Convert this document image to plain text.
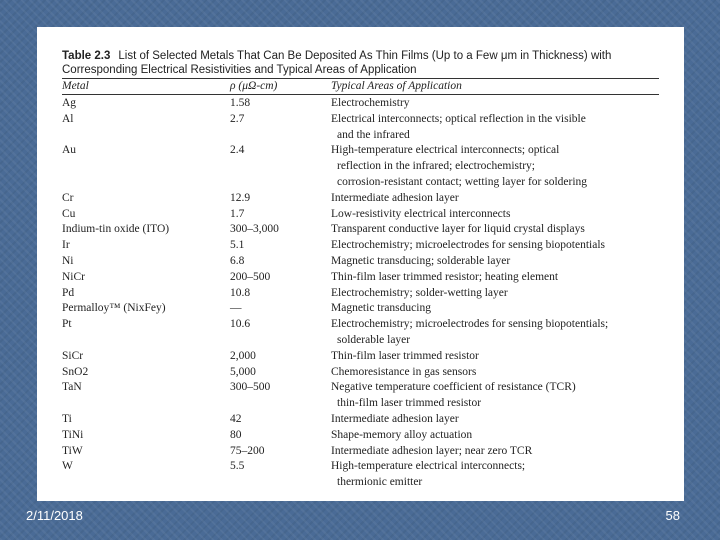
Table 2.3 List of Selected Metals That Can Be Deposited As Thin Films (Up to a Few μm in Thickness) with
Corresponding Electrical Resistivities and Typical Areas of Application
Metal	ρ (μΩ-cm)	Typical Areas of Application
Ag	1.58	Electrochemistry
Al	2.7	Electrical interconnects; optical reflection in the visible
and the infrared
Au	2.4	High-temperature electrical interconnects; optical
reflection in the infrared; electrochemistry;
corrosion-resistant contact; wetting layer for soldering
Cr	12.9	Intermediate adhesion layer
Cu	1.7	Low-resistivity electrical interconnects
Indium-tin oxide (ITO)	300–3,000	Transparent conductive layer for liquid crystal displays
Ir	5.1	Electrochemistry; microelectrodes for sensing biopotentials
Ni	6.8	Magnetic transducing; solderable layer
NiCr	200–500	Thin-film laser trimmed resistor; heating element
Pd	10.8	Electrochemistry; solder-wetting layer
Permalloy™ (NixFey)	—	Magnetic transducing
Pt	10.6	Electrochemistry; microelectrodes for sensing biopotentials;
solderable layer
SiCr	2,000	Thin-film laser trimmed resistor
SnO2	5,000	Chemoresistance in gas sensors
TaN	300–500	Negative temperature coefficient of resistance (TCR)
thin-film laser trimmed resistor
Ti	42	Intermediate adhesion layer
TiNi	80	Shape-memory alloy actuation
TiW	75–200	Intermediate adhesion layer; near zero TCR
W	5.5	High-temperature electrical interconnects;
thermionic emitter
2/11/2018	58
